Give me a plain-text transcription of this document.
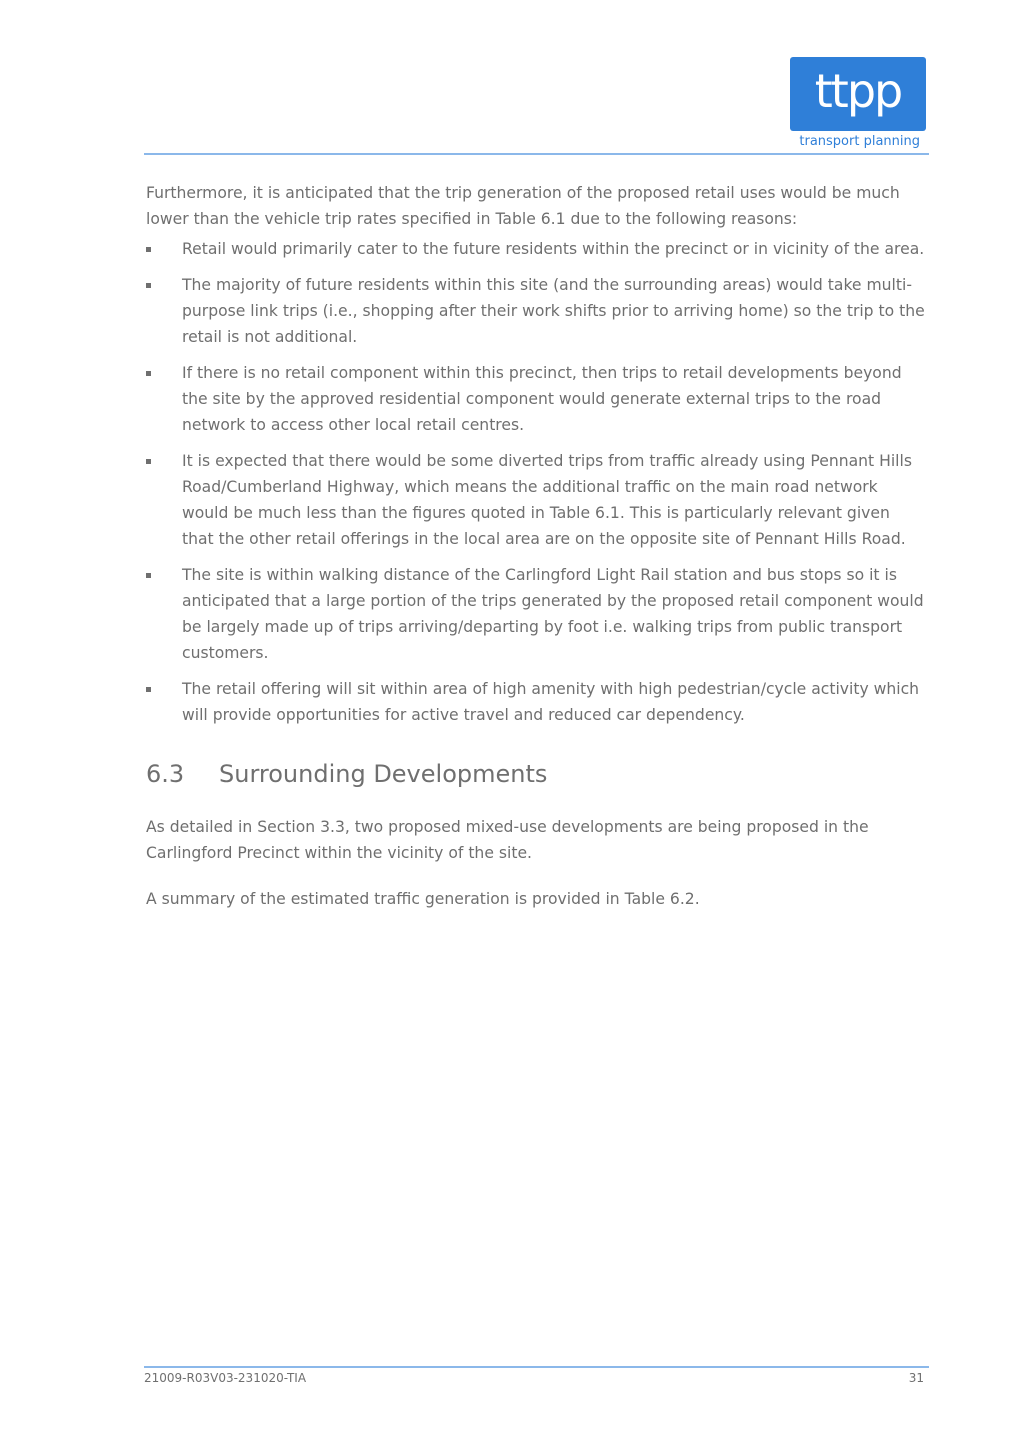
ttpp
transport planning

Furthermore, it is anticipated that the trip generation of the proposed retail uses would be much lower than the vehicle trip rates specified in Table 6.1 due to the following reasons:

Retail would primarily cater to the future residents within the precinct or in vicinity of the area.
The majority of future residents within this site (and the surrounding areas) would take multi-purpose link trips (i.e., shopping after their work shifts prior to arriving home) so the trip to the retail is not additional.
If there is no retail component within this precinct, then trips to retail developments beyond the site by the approved residential component would generate external trips to the road network to access other local retail centres.
It is expected that there would be some diverted trips from traffic already using Pennant Hills Road/Cumberland Highway, which means the additional traffic on the main road network would be much less than the figures quoted in Table 6.1. This is particularly relevant given that the other retail offerings in the local area are on the opposite site of Pennant Hills Road.
The site is within walking distance of the Carlingford Light Rail station and bus stops so it is anticipated that a large portion of the trips generated by the proposed retail component would be largely made up of trips arriving/departing by foot i.e. walking trips from public transport customers.
The retail offering will sit within area of high amenity with high pedestrian/cycle activity which will provide opportunities for active travel and reduced car dependency.
6.3	Surrounding Developments

As detailed in Section 3.3, two proposed mixed-use developments are being proposed in the Carlingford Precinct within the vicinity of the site.

A summary of the estimated traffic generation is provided in Table 6.2.

21009-R03V03-231020-TIA	31
